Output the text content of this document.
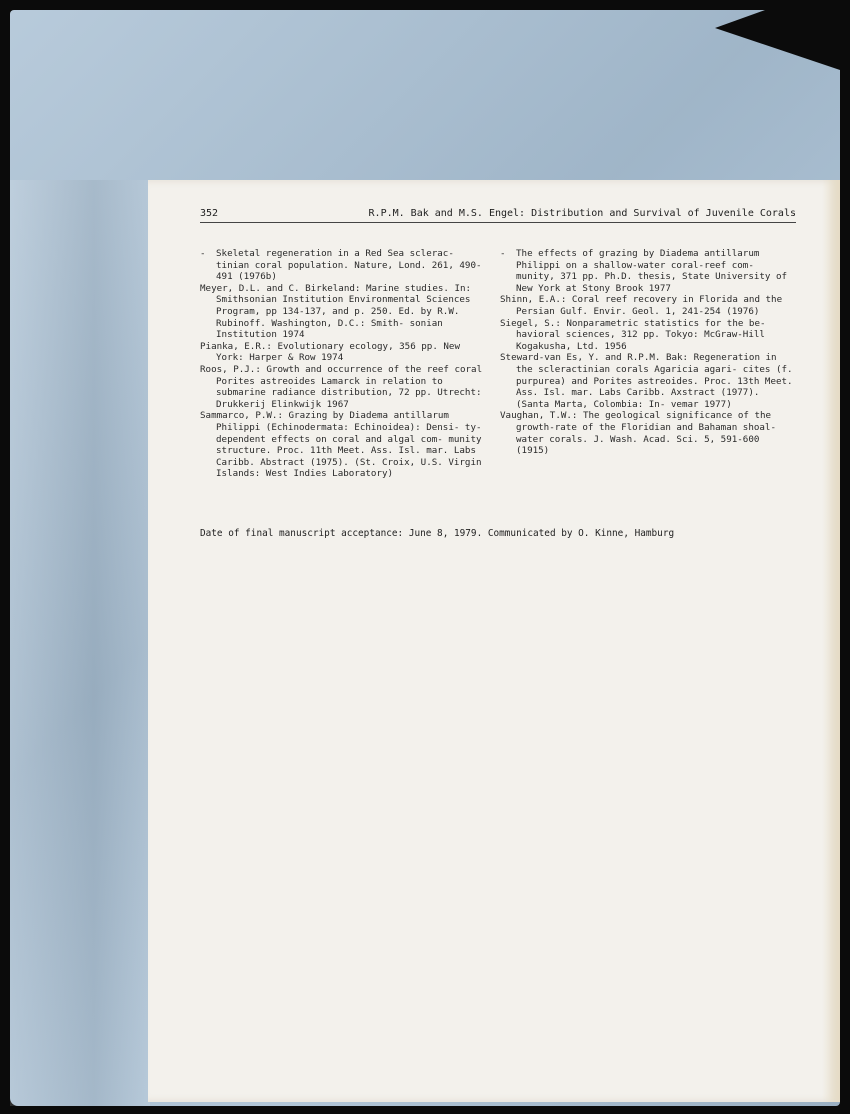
352	R.P.M. Bak and M.S. Engel: Distribution and Survival of Juvenile Corals

- Skeletal regeneration in a Red Sea sclerac- tinian coral population. Nature, Lond. 261, 490-491 (1976b)

Meyer, D.L. and C. Birkeland: Marine studies. In: Smithsonian Institution Environmental Sciences Program, pp 134-137, and p. 250. Ed. by R.W. Rubinoff. Washington, D.C.: Smith- sonian Institution 1974

Pianka, E.R.: Evolutionary ecology, 356 pp. New York: Harper & Row 1974

Roos, P.J.: Growth and occurrence of the reef coral Porites astreoides Lamarck in relation to submarine radiance distribution, 72 pp. Utrecht: Drukkerij Elinkwijk 1967

Sammarco, P.W.: Grazing by Diadema antillarum Philippi (Echinodermata: Echinoidea): Densi- ty-dependent effects on coral and algal com- munity structure. Proc. 11th Meet. Ass. Isl. mar. Labs Caribb. Abstract (1975). (St. Croix, U.S. Virgin Islands: West Indies Laboratory)

- The effects of grazing by Diadema antillarum Philippi on a shallow-water coral-reef com- munity, 371 pp. Ph.D. thesis, State University of New York at Stony Brook 1977

Shinn, E.A.: Coral reef recovery in Florida and the Persian Gulf. Envir. Geol. 1, 241-254 (1976)

Siegel, S.: Nonparametric statistics for the be- havioral sciences, 312 pp. Tokyo: McGraw-Hill Kogakusha, Ltd. 1956

Steward-van Es, Y. and R.P.M. Bak: Regeneration in the scleractinian corals Agaricia agari- cites (f. purpurea) and Porites astreoides. Proc. 13th Meet. Ass. Isl. mar. Labs Caribb. Axstract (1977). (Santa Marta, Colombia: In- vemar 1977)

Vaughan, T.W.: The geological significance of the growth-rate of the Floridian and Bahaman shoal-water corals. J. Wash. Acad. Sci. 5, 591-600 (1915)

Date of final manuscript acceptance: June 8, 1979. Communicated by O. Kinne, Hamburg
